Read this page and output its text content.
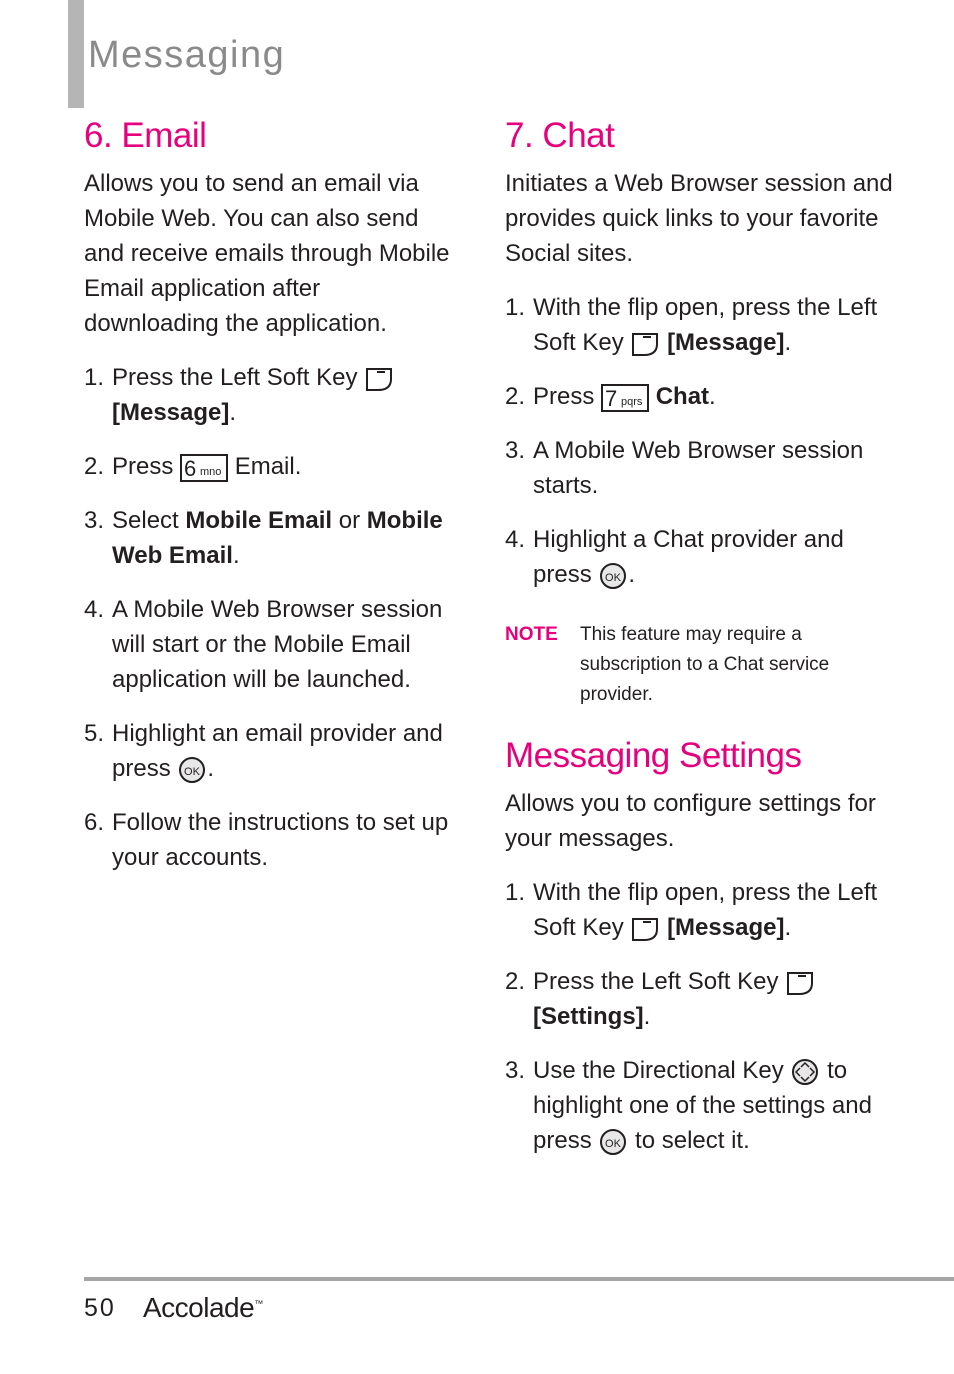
Messaging
6. Email

Allows you to send an email via Mobile Web. You can also send and receive emails through Mobile Email application after downloading the application.

1. Press the Left Soft Key
[Message].
2. Press 6 mno Email.
3. Select Mobile Email or Mobile Web Email.
4. A Mobile Web Browser session will start or the Mobile Email application will be launched.
5. Highlight an email provider and press OK .
6. Follow the instructions to set up your accounts.
7. Chat

Initiates a Web Browser session and provides quick links to your favorite Social sites.

1. With the flip open, press the Left Soft Key [Message].
2. Press 7 pqrs Chat.
3. A Mobile Web Browser session starts.
4. Highlight a Chat provider and press OK .
NOTE This feature may require a subscription to a Chat service provider.
Messaging Settings

Allows you to configure settings for your messages.

1. With the flip open, press the Left Soft Key [Message].
2. Press the Left Soft Key
[Settings].
3. Use the Directional Key to highlight one of the settings and press OK to select it.
50 Accolade™
